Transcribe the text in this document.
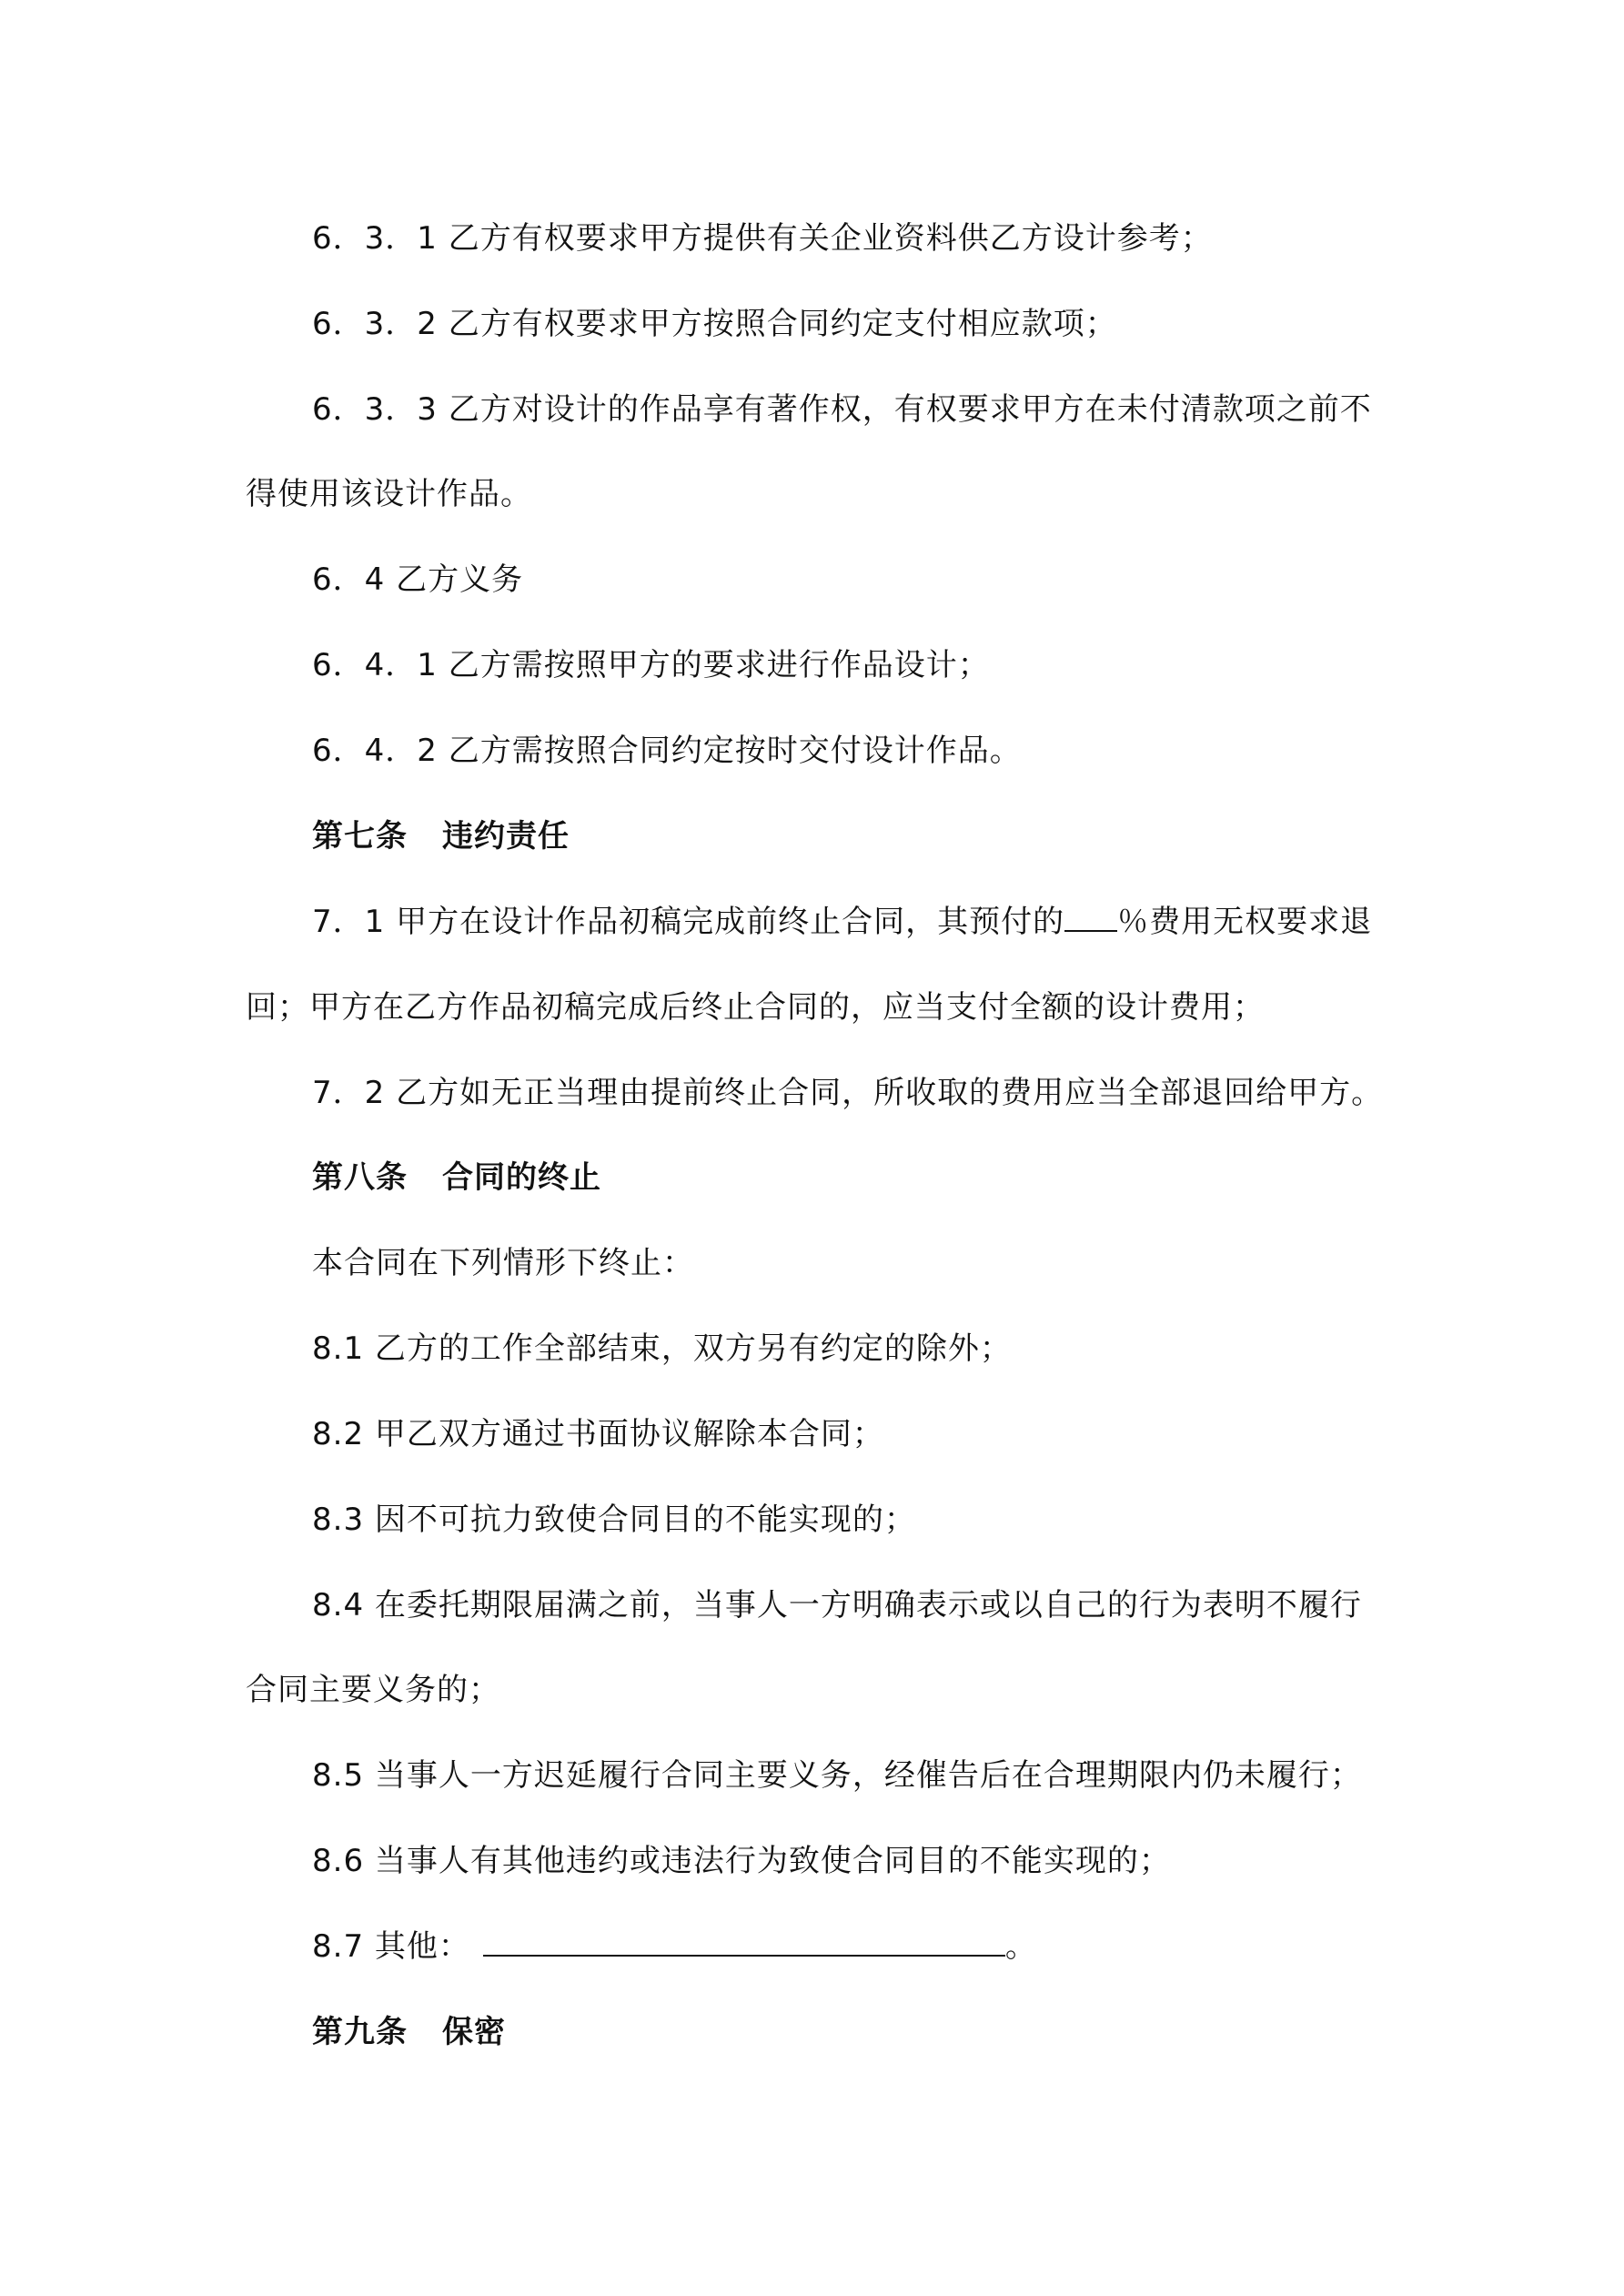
6．3．1 乙方有权要求甲方提供有关企业资料供乙方设计参考；
6．3．2 乙方有权要求甲方按照合同约定支付相应款项；
6．3．3 乙方对设计的作品享有著作权，有权要求甲方在未付清款项之前不
得使用该设计作品。
6．4 乙方义务
6．4．1 乙方需按照甲方的要求进行作品设计；
6．4．2 乙方需按照合同约定按时交付设计作品。
第七条 违约责任
7．1 甲方在设计作品初稿完成前终止合同，其预付的 ％费用无权要求退
回；甲方在乙方作品初稿完成后终止合同的，应当支付全额的设计费用；
7．2 乙方如无正当理由提前终止合同，所收取的费用应当全部退回给甲方。
第八条 合同的终止
本合同在下列情形下终止：
8.1 乙方的工作全部结束，双方另有约定的除外；
8.2 甲乙双方通过书面协议解除本合同；
8.3 因不可抗力致使合同目的不能实现的；
8.4 在委托期限届满之前，当事人一方明确表示或以自己的行为表明不履行
合同主要义务的；
8.5 当事人一方迟延履行合同主要义务，经催告后在合理期限内仍未履行；
8.6 当事人有其他违约或违法行为致使合同目的不能实现的；
8.7 其他：	。
第九条 保密
